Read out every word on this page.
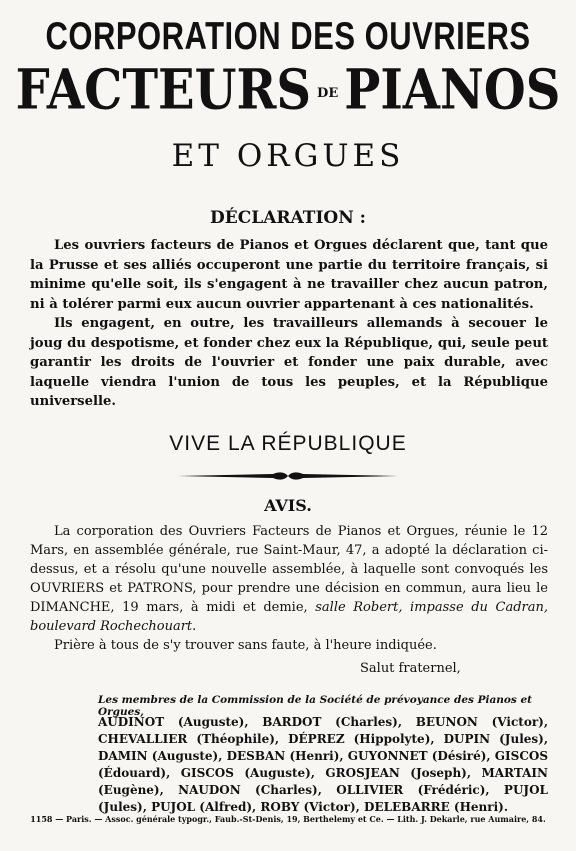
CORPORATION DES OUVRIERS
FACTEURS DE PIANOS
ET ORGUES
DÉCLARATION :

Les ouvriers facteurs de Pianos et Orgues déclarent que, tant que la Prusse et ses alliés occuperont une partie du territoire français, si minime qu'elle soit, ils s'engagent à ne travailler chez aucun patron, ni à tolérer parmi eux aucun ouvrier appartenant à ces nationalités.

Ils engagent, en outre, les travailleurs allemands à secouer le joug du despotisme, et fonder chez eux la République, qui, seule peut garantir les droits de l'ouvrier et fonder une paix durable, avec laquelle viendra l'union de tous les peuples, et la République universelle.

VIVE LA RÉPUBLIQUE
AVIS.

La corporation des Ouvriers Facteurs de Pianos et Orgues, réunie le 12 Mars, en assemblée générale, rue Saint-Maur, 47, a adopté la déclaration ci-dessus, et a résolu qu'une nouvelle assemblée, à laquelle sont convoqués les OUVRIERS et PATRONS, pour prendre une décision en commun, aura lieu le DIMANCHE, 19 mars, à midi et demie, salle Robert, impasse du Cadran, boulevard Rochechouart.

Prière à tous de s'y trouver sans faute, à l'heure indiquée.

Salut fraternel,
Les membres de la Commission de la Société de prévoyance des Pianos et Orgues,
AUDINOT (Auguste), BARDOT (Charles), BEUNON (Victor), CHEVALLIER (Théophile), DÉPREZ (Hippolyte), DUPIN (Jules), DAMIN (Auguste), DESBAN (Henri), GUYONNET (Désiré), GISCOS (Édouard), GISCOS (Auguste), GROSJEAN (Joseph), MARTAIN (Eugène), NAUDON (Charles), OLLIVIER (Frédéric), PUJOL (Jules), PUJOL (Alfred), ROBY (Victor), DELEBARRE (Henri).
1158 — Paris. — Assoc. générale typogr., Faub.-St-Denis, 19, Berthelemy et Ce. — Lith. J. Dekarle, rue Aumaire, 84.
